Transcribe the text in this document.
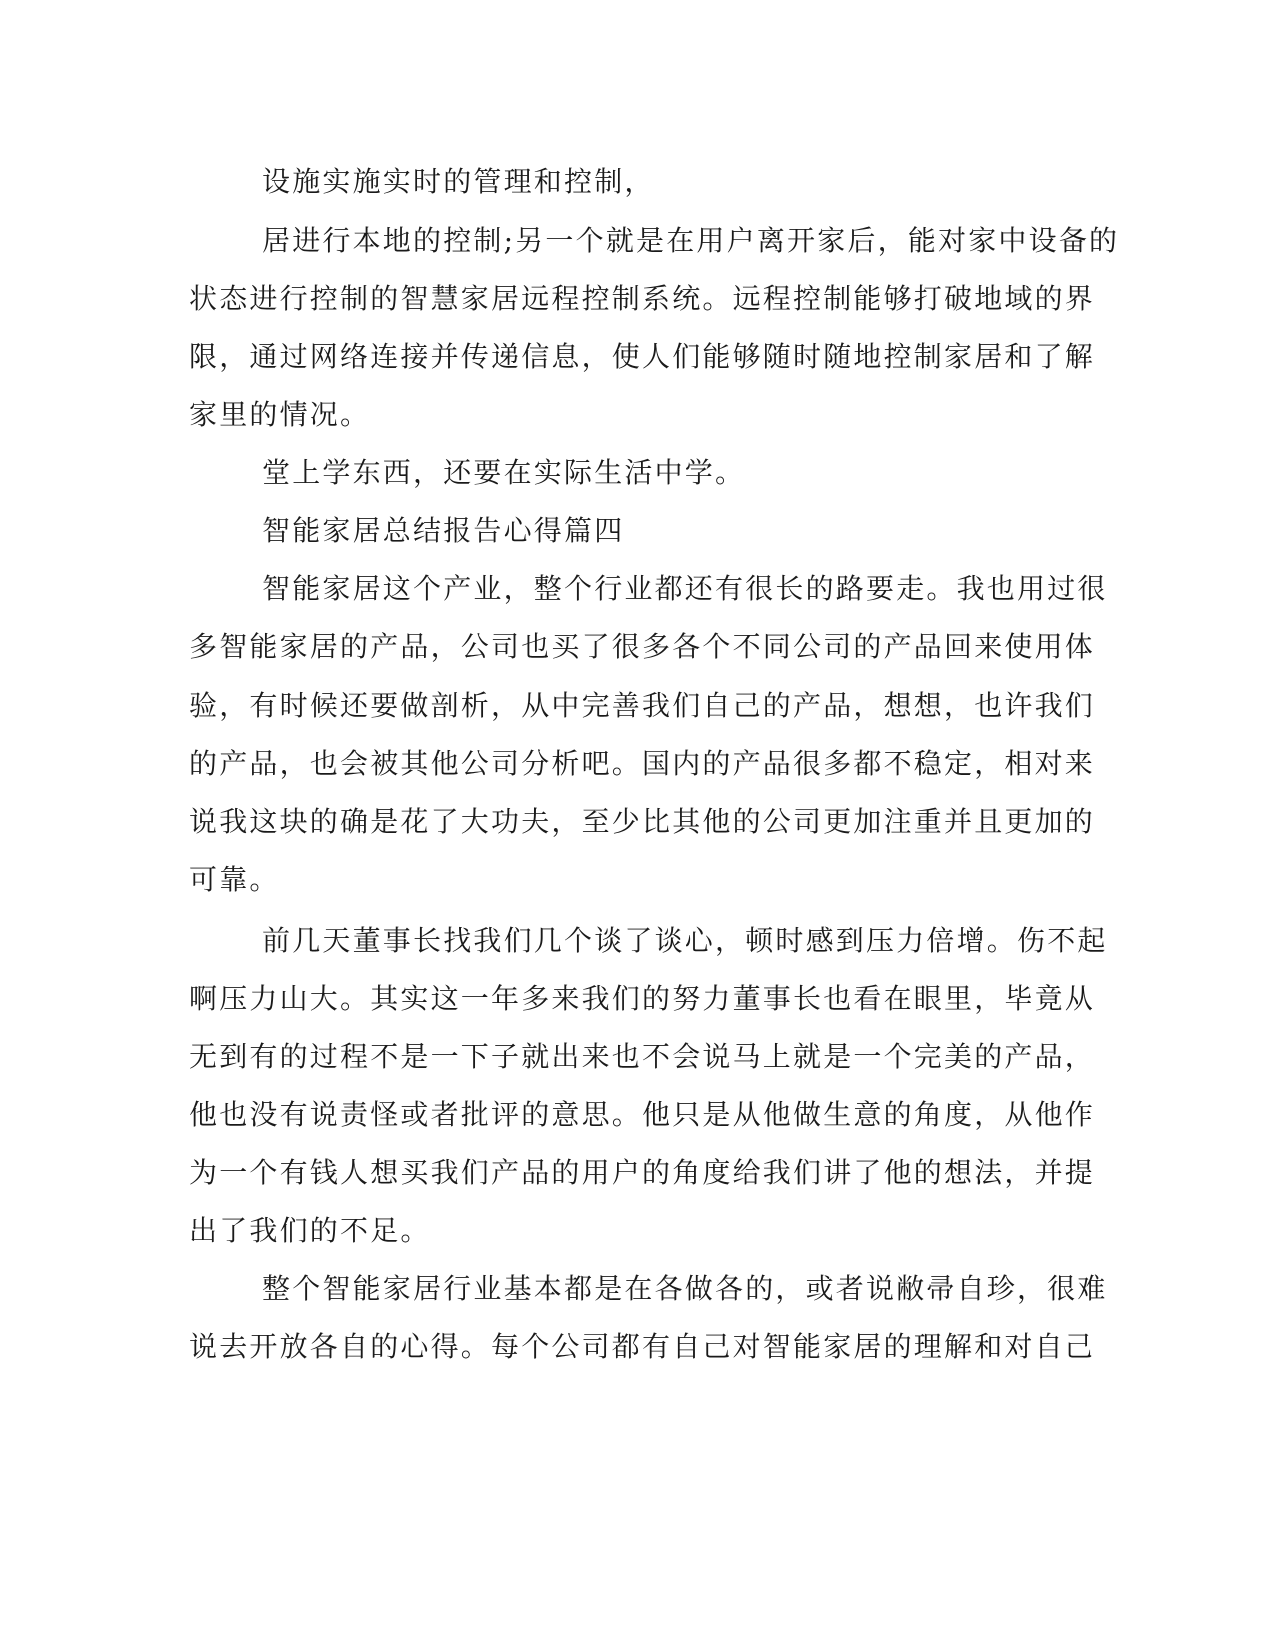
设施实施实时的管理和控制，
居进行本地的控制;另一个就是在用户离开家后，能对家中设备的
状态进行控制的智慧家居远程控制系统。远程控制能够打破地域的界
限，通过网络连接并传递信息，使人们能够随时随地控制家居和了解
家里的情况。
堂上学东西，还要在实际生活中学。
智能家居总结报告心得篇四
智能家居这个产业，整个行业都还有很长的路要走。我也用过很
多智能家居的产品，公司也买了很多各个不同公司的产品回来使用体
验，有时候还要做剖析，从中完善我们自己的产品，想想，也许我们
的产品，也会被其他公司分析吧。国内的产品很多都不稳定，相对来
说我这块的确是花了大功夫，至少比其他的公司更加注重并且更加的
可靠。
前几天董事长找我们几个谈了谈心，顿时感到压力倍增。伤不起
啊压力山大。其实这一年多来我们的努力董事长也看在眼里，毕竟从
无到有的过程不是一下子就出来也不会说马上就是一个完美的产品，
他也没有说责怪或者批评的意思。他只是从他做生意的角度，从他作
为一个有钱人想买我们产品的用户的角度给我们讲了他的想法，并提
出了我们的不足。
整个智能家居行业基本都是在各做各的，或者说敝帚自珍，很难
说去开放各自的心得。每个公司都有自己对智能家居的理解和对自己
